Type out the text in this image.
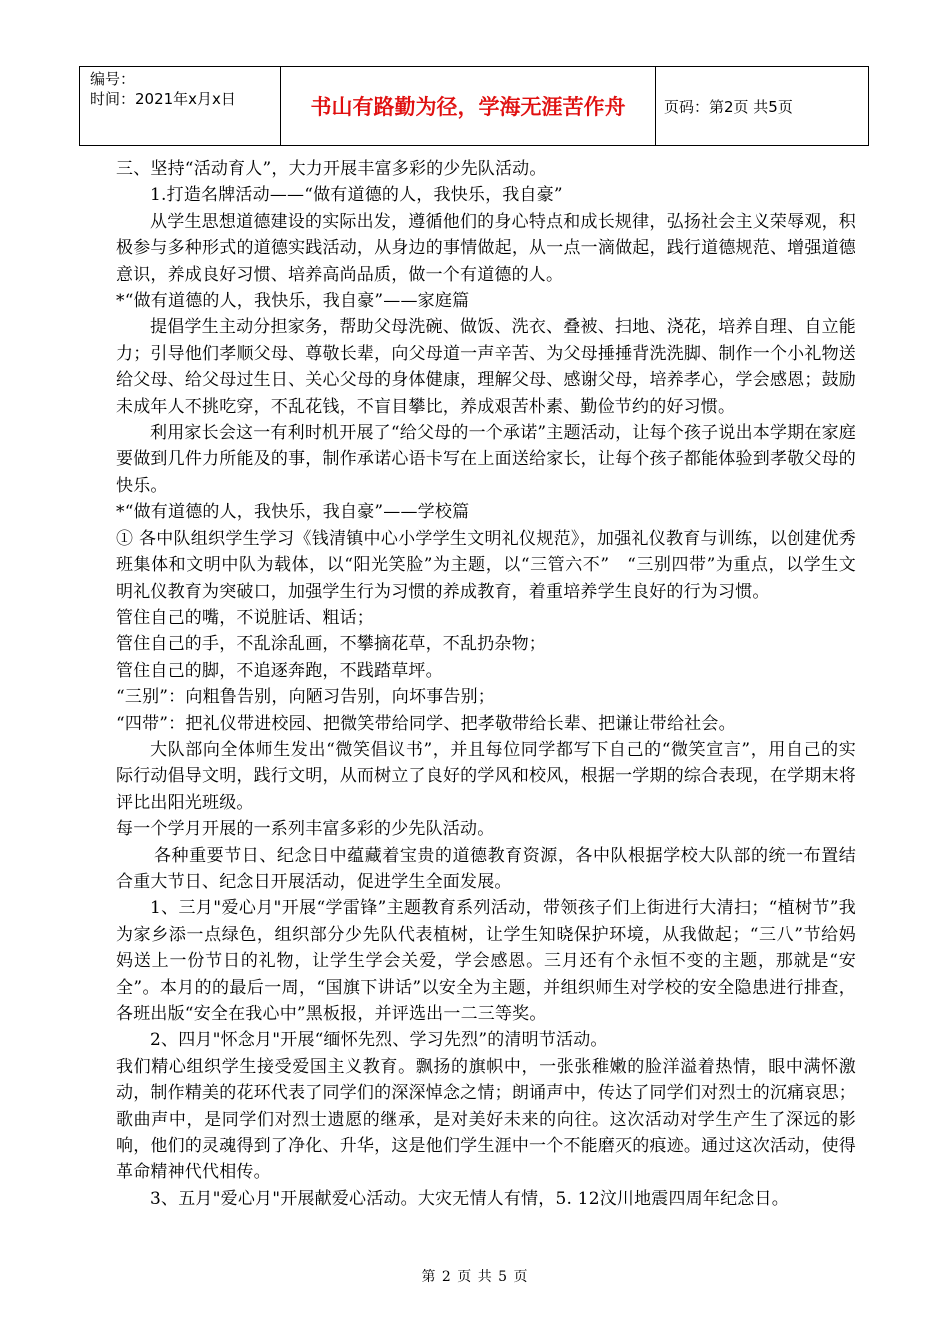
编号：
时间：2021年x月x日	书山有路勤为径，学海无涯苦作舟	页码：第2页 共5页

三、坚持“活动育人”，大力开展丰富多彩的少先队活动。

1.打造名牌活动——“做有道德的人，我快乐，我自豪”

从学生思想道德建设的实际出发，遵循他们的身心特点和成长规律，弘扬社会主义荣辱观，积极参与多种形式的道德实践活动，从身边的事情做起，从一点一滴做起，践行道德规范、增强道德意识，养成良好习惯、培养高尚品质，做一个有道德的人。

*“做有道德的人，我快乐，我自豪”——家庭篇

提倡学生主动分担家务，帮助父母洗碗、做饭、洗衣、叠被、扫地、浇花，培养自理、自立能力；引导他们孝顺父母、尊敬长辈，向父母道一声辛苦、为父母捶捶背洗洗脚、制作一个小礼物送给父母、给父母过生日、关心父母的身体健康，理解父母、感谢父母，培养孝心，学会感恩；鼓励未成年人不挑吃穿，不乱花钱，不盲目攀比，养成艰苦朴素、勤俭节约的好习惯。

利用家长会这一有利时机开展了“给父母的一个承诺”主题活动，让每个孩子说出本学期在家庭要做到几件力所能及的事，制作承诺心语卡写在上面送给家长，让每个孩子都能体验到孝敬父母的快乐。

*“做有道德的人，我快乐，我自豪”——学校篇

① 各中队组织学生学习《钱清镇中心小学学生文明礼仪规范》，加强礼仪教育与训练，以创建优秀班集体和文明中队为载体，以“阳光笑脸”为主题，以“三管六不”　“三别四带”为重点，以学生文明礼仪教育为突破口，加强学生行为习惯的养成教育，着重培养学生良好的行为习惯。

管住自己的嘴，不说脏话、粗话；

管住自己的手，不乱涂乱画，不攀摘花草，不乱扔杂物；

管住自己的脚，不追逐奔跑，不践踏草坪。

“三别”：向粗鲁告别，向陋习告别，向坏事告别；

“四带”：把礼仪带进校园、把微笑带给同学、把孝敬带给长辈、把谦让带给社会。

大队部向全体师生发出“微笑倡议书”，并且每位同学都写下自己的“微笑宣言”，用自己的实际行动倡导文明，践行文明，从而树立了良好的学风和校风，根据一学期的综合表现，在学期末将评比出阳光班级。

每一个学月开展的一系列丰富多彩的少先队活动。

各种重要节日、纪念日中蕴藏着宝贵的道德教育资源，各中队根据学校大队部的统一布置结合重大节日、纪念日开展活动，促进学生全面发展。

1、三月"爱心月"开展“学雷锋”主题教育系列活动，带领孩子们上街进行大清扫；“植树节”我为家乡添一点绿色，组织部分少先队代表植树，让学生知晓保护环境，从我做起；“三八”节给妈妈送上一份节日的礼物，让学生学会关爱，学会感恩。三月还有个永恒不变的主题，那就是“安全”。本月的的最后一周，“国旗下讲话”以安全为主题，并组织师生对学校的安全隐患进行排查，各班出版“安全在我心中”黑板报，并评选出一二三等奖。

2、四月"怀念月"开展“缅怀先烈、学习先烈”的清明节活动。

我们精心组织学生接受爱国主义教育。飘扬的旗帜中，一张张稚嫩的脸洋溢着热情，眼中满怀激动，制作精美的花环代表了同学们的深深悼念之情；朗诵声中，传达了同学们对烈士的沉痛哀思；歌曲声中，是同学们对烈士遗愿的继承，是对美好未来的向往。这次活动对学生产生了深远的影响，他们的灵魂得到了净化、升华，这是他们学生涯中一个不能磨灭的痕迹。通过这次活动，使得革命精神代代相传。

3、五月"爱心月"开展献爱心活动。大灾无情人有情，5. 12汶川地震四周年纪念日。

第 2 页 共 5 页
